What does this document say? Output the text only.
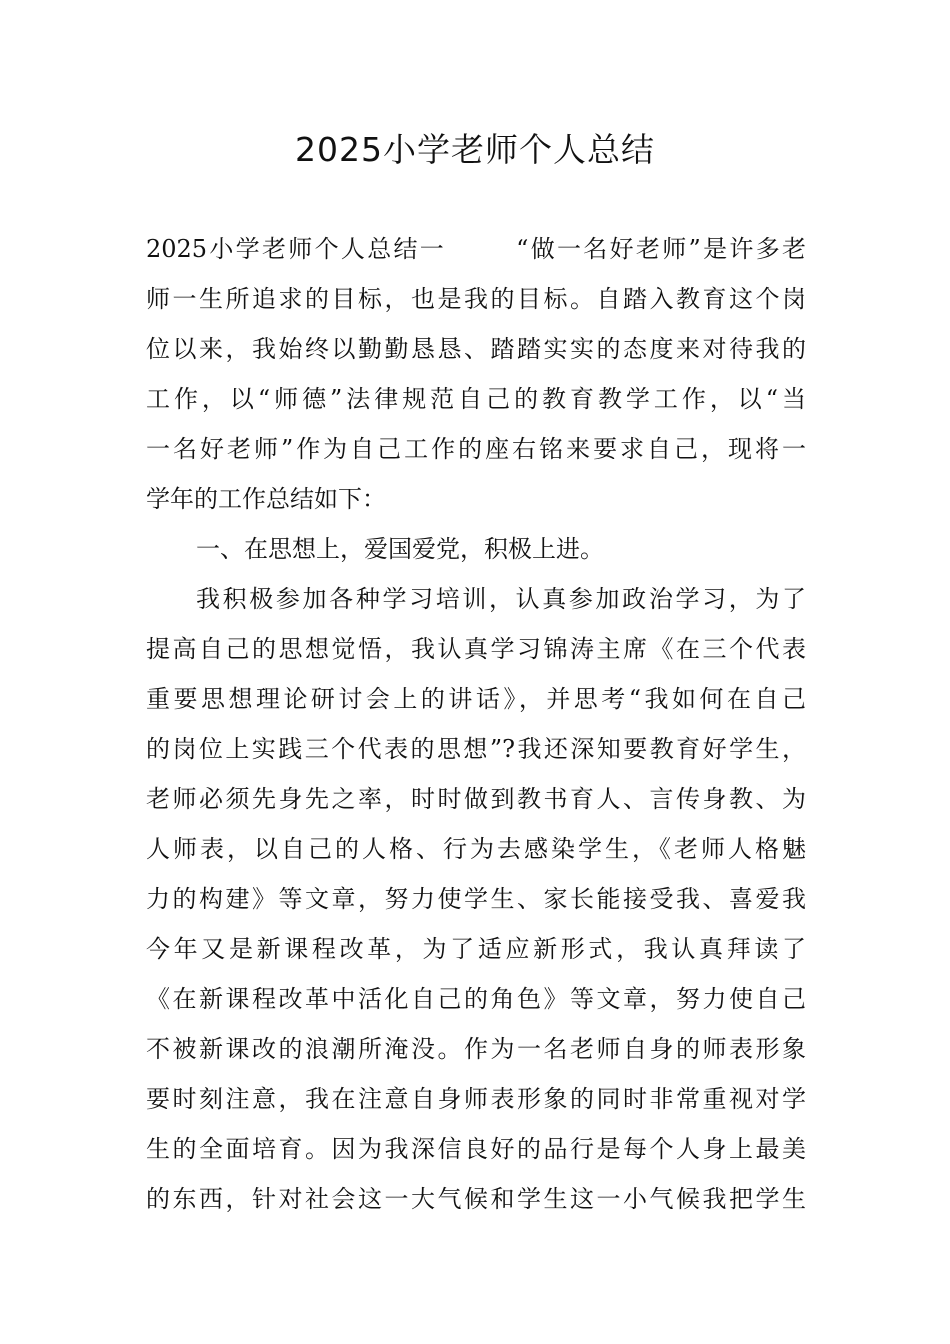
2025小学老师个人总结
2025小学老师个人总结一	“做一名好老师”是许多老
师一生所追求的目标，也是我的目标。自踏入教育这个岗
位以来，我始终以勤勤恳恳、踏踏实实的态度来对待我的
工作，以“师德”法律规范自己的教育教学工作，以“当
一名好老师”作为自己工作的座右铭来要求自己，现将一
学年的工作总结如下：
一、在思想上，爱国爱党，积极上进。
我积极参加各种学习培训，认真参加政治学习，为了
提高自己的思想觉悟，我认真学习锦涛主席《在三个代表
重要思想理论研讨会上的讲话》，并思考“我如何在自己
的岗位上实践三个代表的思想”?我还深知要教育好学生，
老师必须先身先之率，时时做到教书育人、言传身教、为
人师表，以自己的人格、行为去感染学生，《老师人格魅
力的构建》等文章，努力使学生、家长能接受我、喜爱我
今年又是新课程改革，为了适应新形式，我认真拜读了
《在新课程改革中活化自己的角色》等文章，努力使自己
不被新课改的浪潮所淹没。作为一名老师自身的师表形象
要时刻注意，我在注意自身师表形象的同时非常重视对学
生的全面培育。因为我深信良好的品行是每个人身上最美
的东西，针对社会这一大气候和学生这一小气候我把学生
